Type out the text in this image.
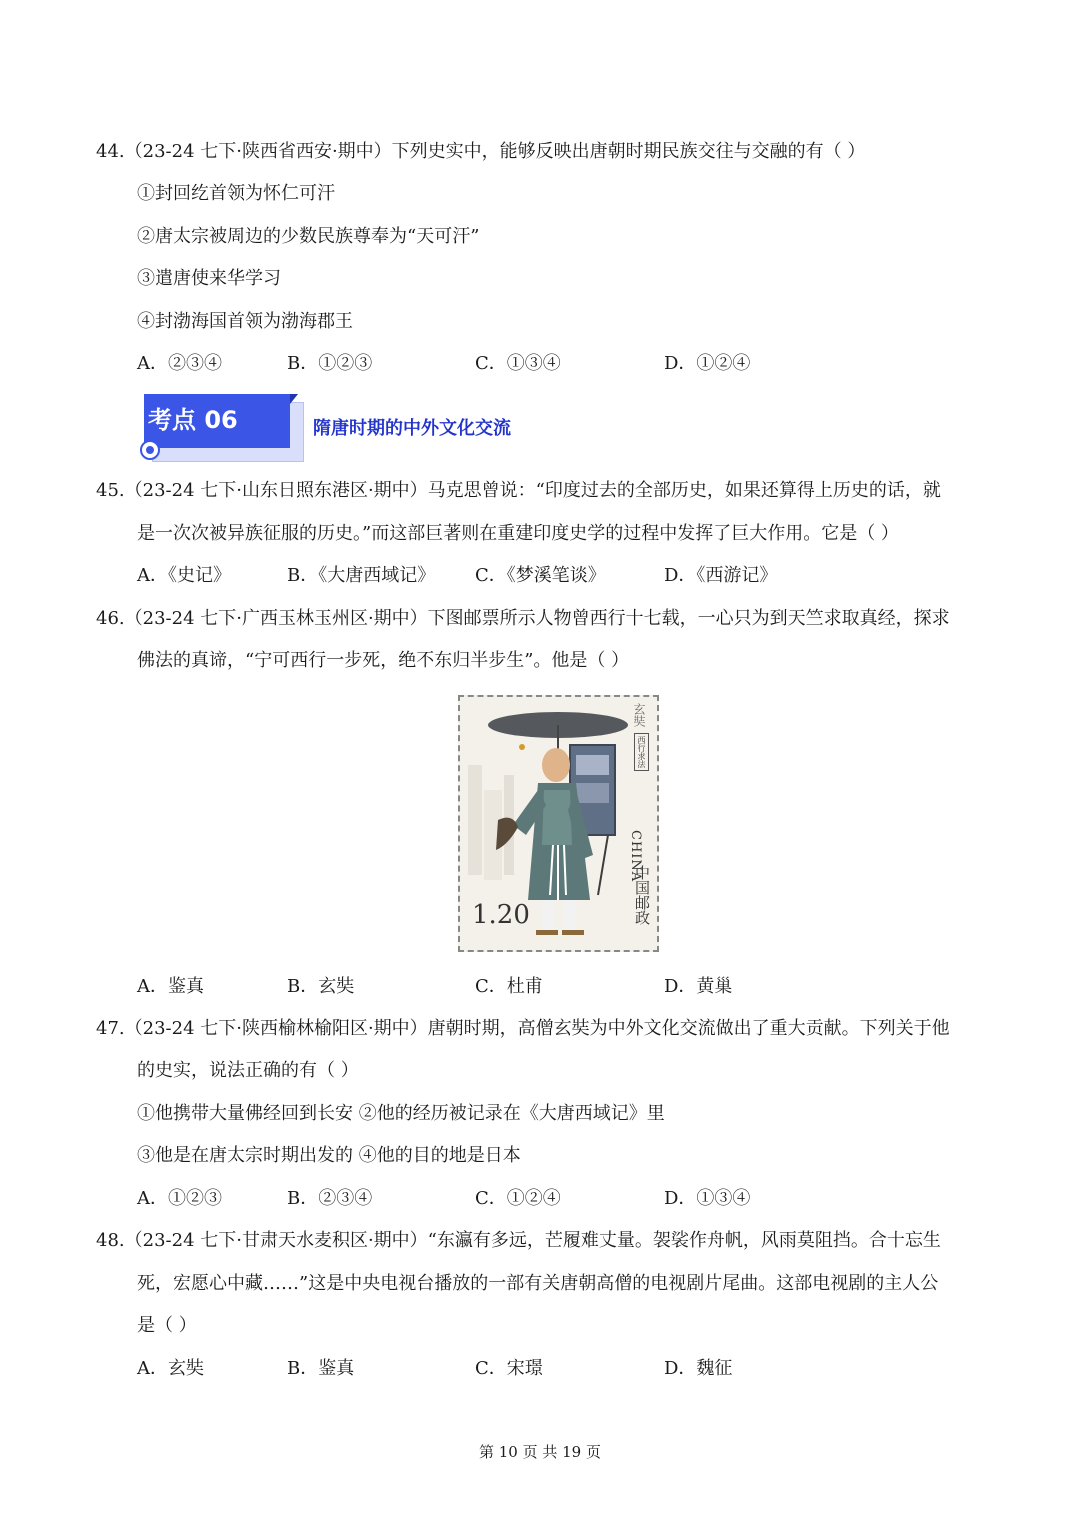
44.（23-24 七下·陕西省西安·期中）下列史实中，能够反映出唐朝时期民族交往与交融的有（ ）
①封回纥首领为怀仁可汗
②唐太宗被周边的少数民族尊奉为“天可汗”
③遣唐使来华学习
④封渤海国首领为渤海郡王
A．②③④	B．①②③	C．①③④	D．①②④
考点 06	隋唐时期的中外文化交流
45.（23-24 七下·山东日照东港区·期中）马克思曾说：“印度过去的全部历史，如果还算得上历史的话，就
是一次次被异族征服的历史。”而这部巨著则在重建印度史学的过程中发挥了巨大作用。它是（ ）
A．《史记》	B．《大唐西域记》 C．《梦溪笔谈》	D．《西游记》
46.（23-24 七下·广西玉林玉州区·期中）下图邮票所示人物曾西行十七载，一心只为到天竺求取真经，探求
佛法的真谛，“宁可西行一步死，绝不东归半步生”。他是（ ）
玄奘
西行求法
CHINA
中国邮政
1.20
A．鉴真	B．玄奘	C．杜甫	D．黄巢
47.（23-24 七下·陕西榆林榆阳区·期中）唐朝时期，高僧玄奘为中外文化交流做出了重大贡献。下列关于他
的史实，说法正确的有（ ）
①他携带大量佛经回到长安 ②他的经历被记录在《大唐西域记》里
③他是在唐太宗时期出发的 ④他的目的地是日本
A．①②③	B．②③④	C．①②④	D．①③④
48.（23-24 七下·甘肃天水麦积区·期中）“东瀛有多远，芒履难丈量。袈裟作舟帆，风雨莫阻挡。合十忘生
死，宏愿心中藏……”这是中央电视台播放的一部有关唐朝高僧的电视剧片尾曲。这部电视剧的主人公
是（ ）
A．玄奘	B．鉴真	C．宋璟	D．魏征
第 10 页 共 19 页
